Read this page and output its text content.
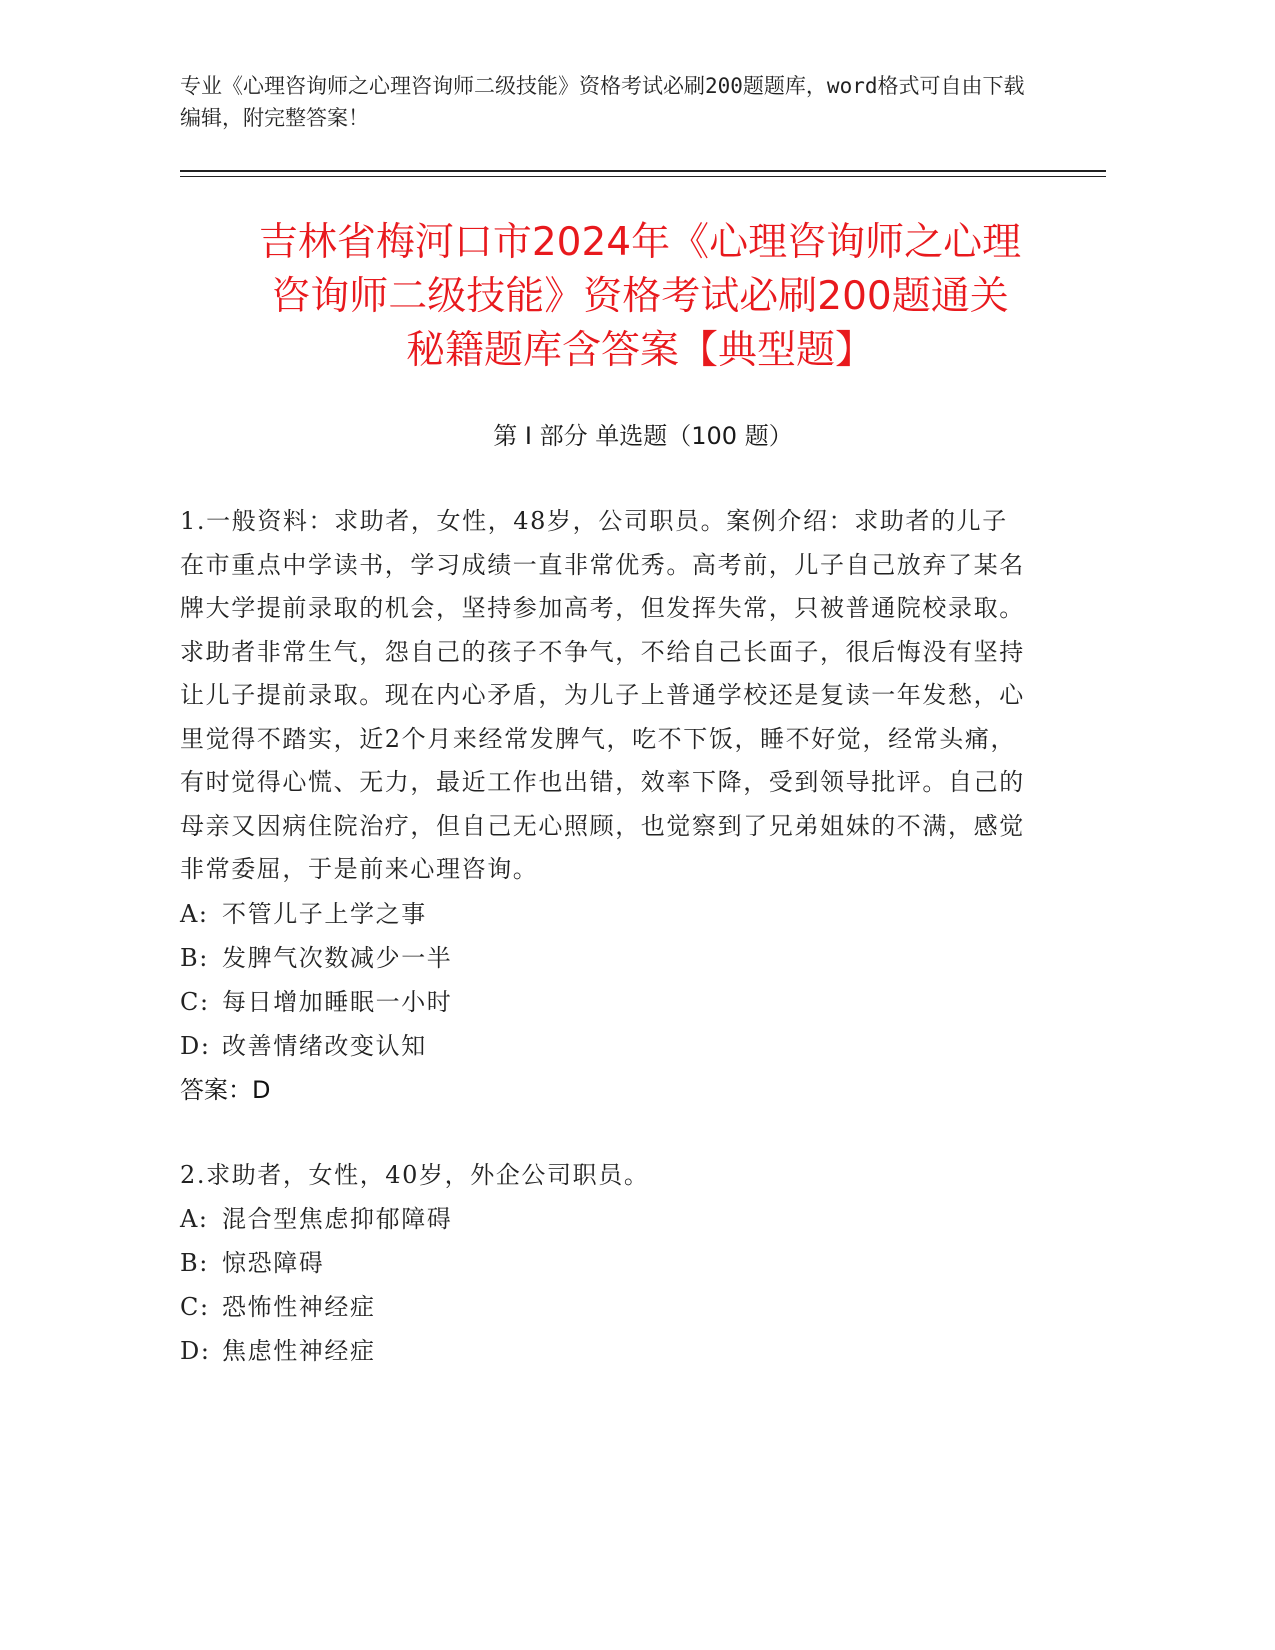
专业《心理咨询师之心理咨询师二级技能》资格考试必刷200题题库，word格式可自由下载编辑，附完整答案！
吉林省梅河口市2024年《心理咨询师之心理
咨询师二级技能》资格考试必刷200题通关
秘籍题库含答案【典型题】
第 I 部分 单选题（100 题）

1.一般资料：求助者，女性，48岁，公司职员。案例介绍：求助者的儿子在市重点中学读书，学习成绩一直非常优秀。高考前，儿子自己放弃了某名牌大学提前录取的机会，坚持参加高考，但发挥失常，只被普通院校录取。求助者非常生气，怨自己的孩子不争气，不给自己长面子，很后悔没有坚持让儿子提前录取。现在内心矛盾，为儿子上普通学校还是复读一年发愁，心里觉得不踏实，近2个月来经常发脾气，吃不下饭，睡不好觉，经常头痛，有时觉得心慌、无力，最近工作也出错，效率下降，受到领导批评。自己的母亲又因病住院治疗，但自己无心照顾，也觉察到了兄弟姐妹的不满，感觉非常委屈，于是前来心理咨询。

A: 不管儿子上学之事

B: 发脾气次数减少一半

C: 每日增加睡眠一小时

D: 改善情绪改变认知

答案：D

2.求助者，女性，40岁，外企公司职员。

A: 混合型焦虑抑郁障碍

B: 惊恐障碍

C: 恐怖性神经症

D: 焦虑性神经症
